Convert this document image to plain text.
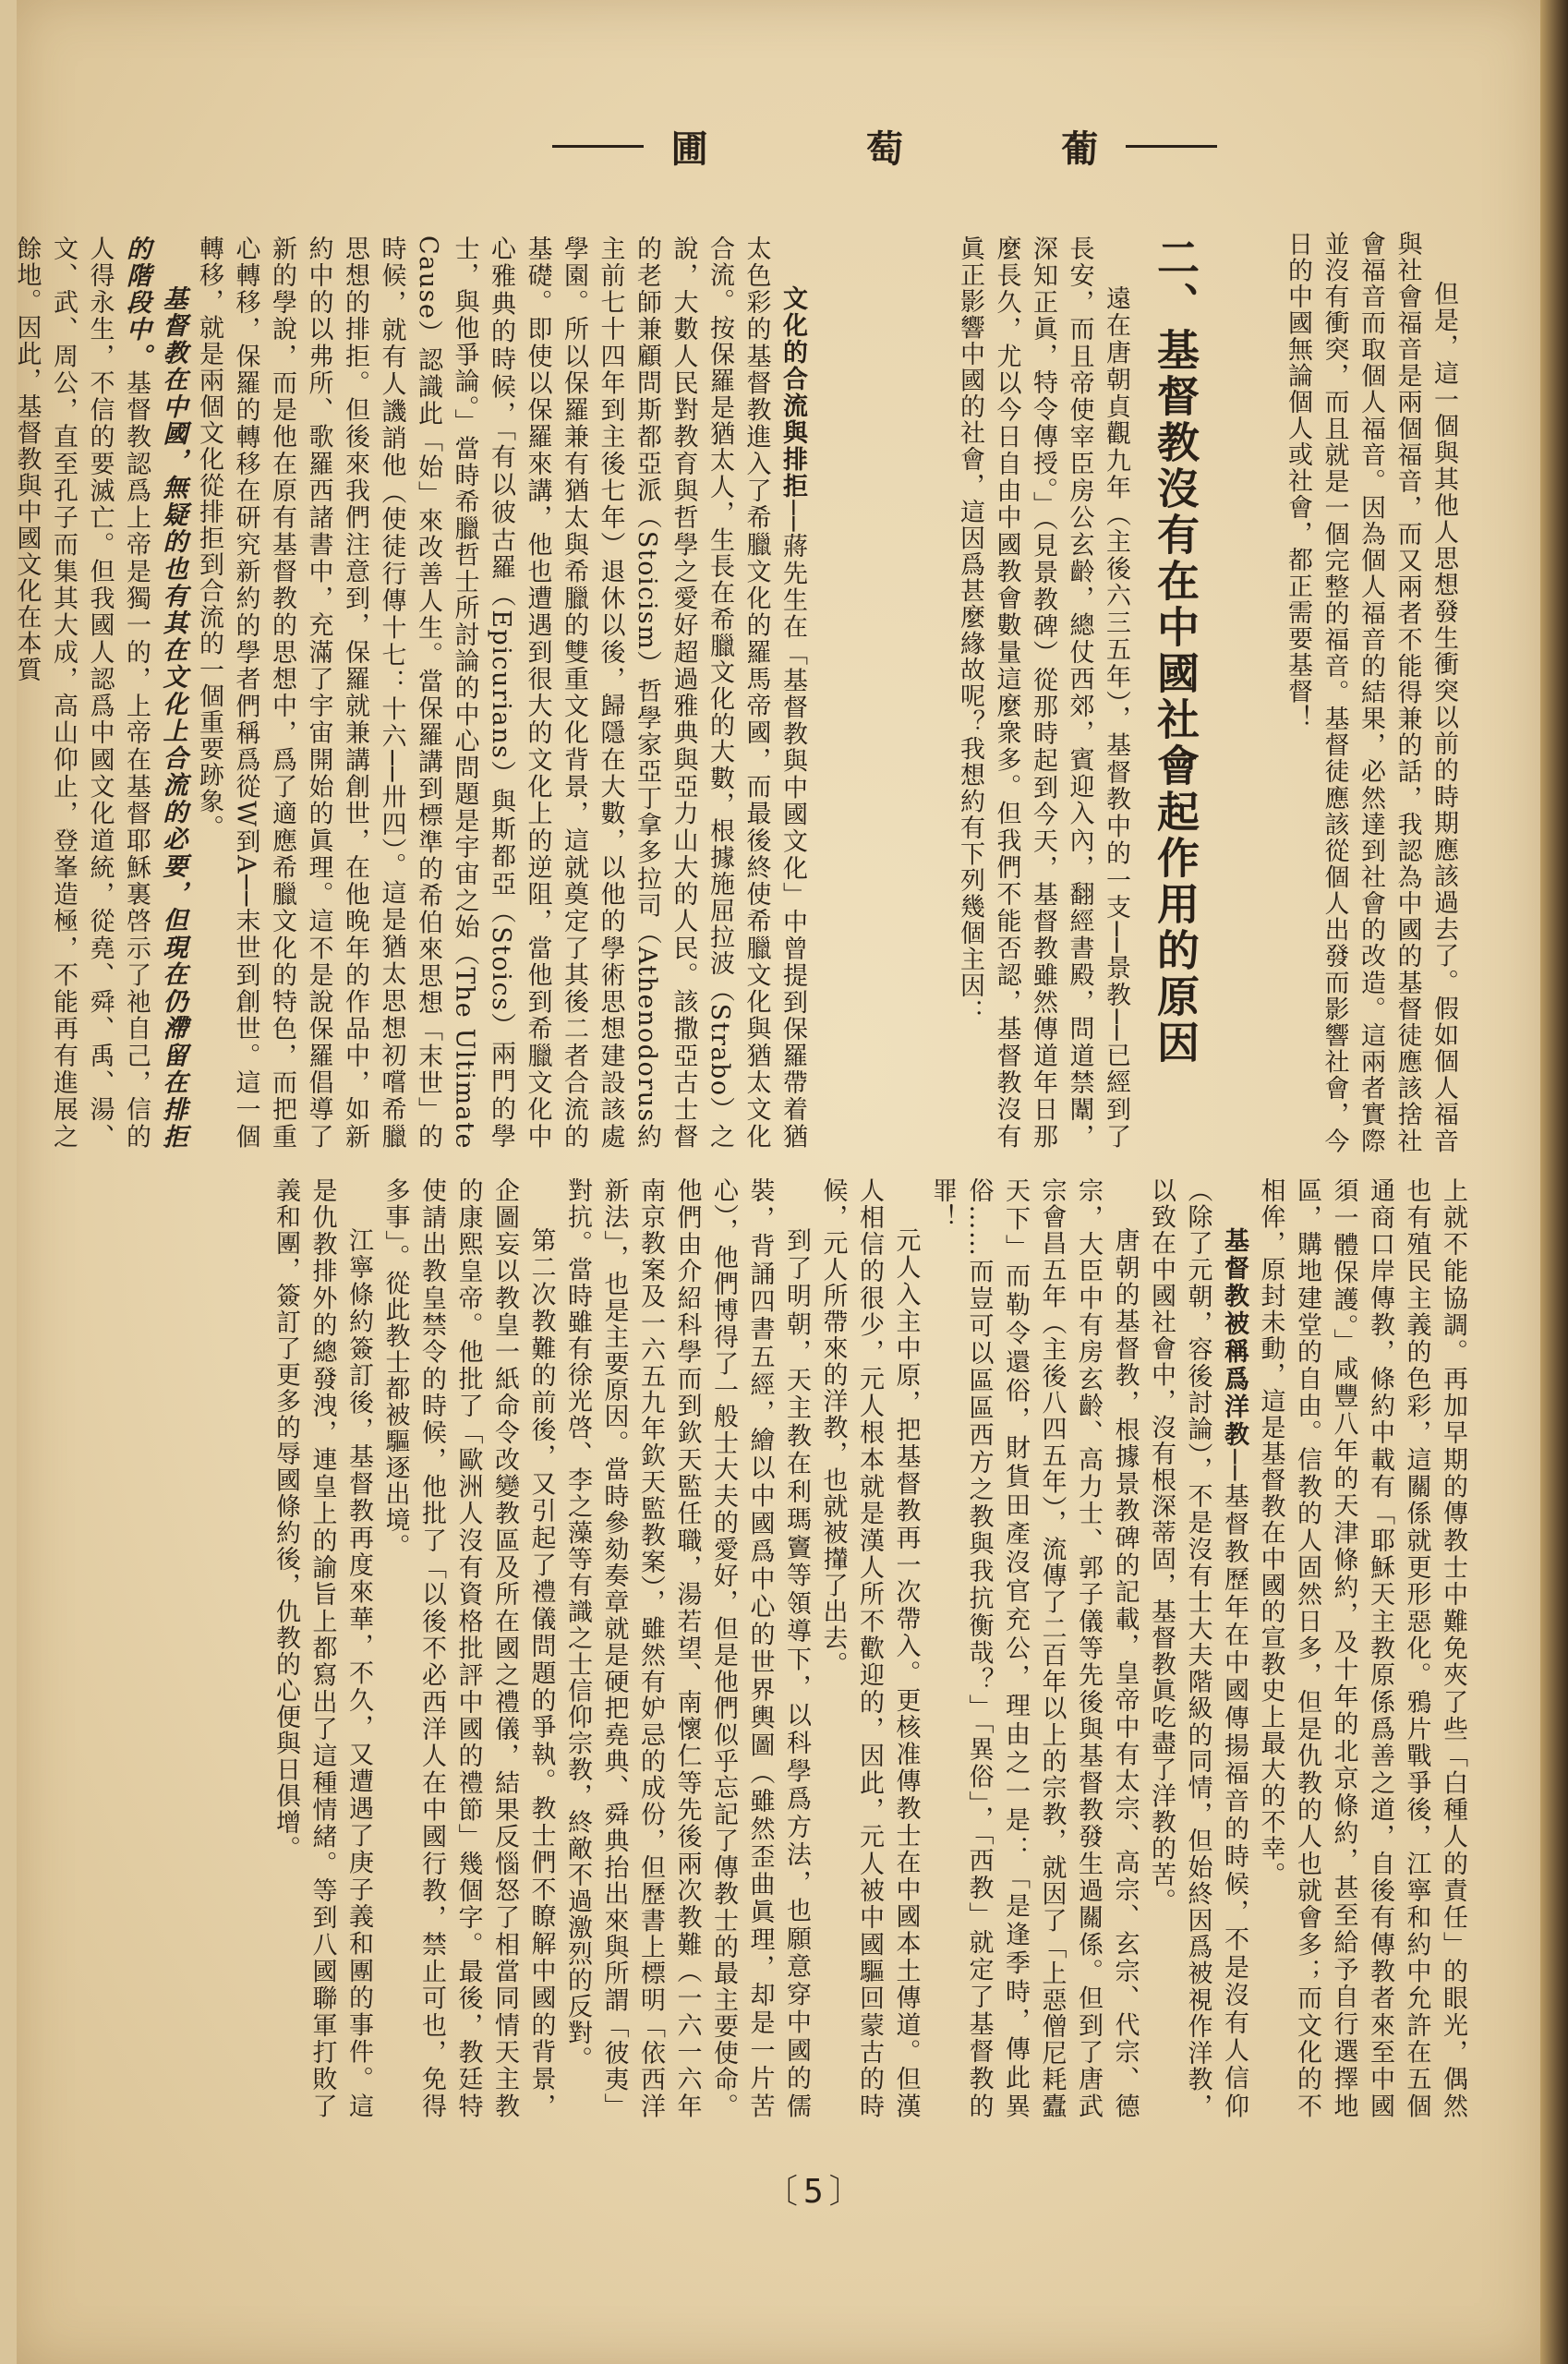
圃	萄	葡

但是，這一個與其他人思想發生衝突以前的時期應該過去了。假如個人福音與社會福音是兩個福音，而又兩者不能得兼的話，我認為中國的基督徒應該捨社會福音而取個人福音。因為個人福音的結果，必然達到社會的改造。這兩者實際並沒有衝突，而且就是一個完整的福音。基督徒應該從個人出發而影響社會，今日的中國無論個人或社會，都正需要基督！

二、基督教沒有在中國社會起作用的原因

遠在唐朝貞觀九年（主後六三五年），基督教中的一支──景教──已經到了長安，而且帝使宰臣房公玄齡，總仗西郊，賓迎入內，翻經書殿，問道禁闈，深知正眞，特令傳授。」（見景教碑）從那時起到今天，基督教雖然傳道年日那麼長久，尤以今日自由中國教會數量這麼衆多。但我們不能否認，基督教沒有眞正影響中國的社會，這因爲甚麼緣故呢？我想約有下列幾個主因：

文化的合流與排拒──蔣先生在「基督教與中國文化」中曾提到保羅帶着猶太色彩的基督教進入了希臘文化的羅馬帝國，而最後終使希臘文化與猶太文化合流。按保羅是猶太人，生長在希臘文化的大數，根據施屈拉波（Strabo）之說，大數人民對教育與哲學之愛好超過雅典與亞力山大的人民。該撒亞古士督的老師兼顧問斯都亞派（Stoicism）哲學家亞丁拿多拉司（Athenodorus約主前七十四年到主後七年）退休以後，歸隱在大數，以他的學術思想建設該處學園。所以保羅兼有猶太與希臘的雙重文化背景，這就奠定了其後二者合流的基礎。即使以保羅來講，他也遭遇到很大的文化上的逆阻，當他到希臘文化中心雅典的時候，「有以彼古羅（Epicurians）與斯都亞（Stoics）兩門的學士，與他爭論。」當時希臘哲士所討論的中心問題是宇宙之始（The Ultimate Cause）認識此「始」來改善人生。當保羅講到標準的希伯來思想「末世」的時候，就有人譏誚他（使徒行傳十七：十六──卅四）。這是猶太思想初嚐希臘思想的排拒。但後來我們注意到，保羅就兼講創世，在他晚年的作品中，如新約中的以弗所、歌羅西諸書中，充滿了宇宙開始的眞理。這不是說保羅倡導了新的學說，而是他在原有基督教的思想中，爲了適應希臘文化的特色，而把重心轉移，保羅的轉移在研究新約的學者們稱爲從W到A──末世到創世。這一個轉移，就是兩個文化從排拒到合流的一個重要跡象。

基督教在中國，無疑的也有其在文化上合流的必要，但現在仍滯留在排拒的階段中。基督教認爲上帝是獨一的，上帝在基督耶穌裏啓示了祂自己，信的人得永生，不信的要滅亡。但我國人認爲中國文化道統，從堯、舜、禹、湯、文、武、周公，直至孔子而集其大成，高山仰止，登峯造極，不能再有進展之餘地。因此，基督教與中國文化在本質

上就不能協調。再加早期的傳教士中難免夾了些「白種人的責任」的眼光，偶然也有殖民主義的色彩，這關係就更形惡化。鴉片戰爭後，江寧和約中允許在五個通商口岸傳教，條約中載有「耶穌天主教原係爲善之道，自後有傳教者來至中國須一體保護。」咸豐八年的天津條約，及十年的北京條約，甚至給予自行選擇地區，購地建堂的自由。信教的人固然日多，但是仇教的人也就會多；而文化的不相侔，原封未動，這是基督教在中國的宣教史上最大的不幸。

基督教被稱爲洋教──基督教歷年在中國傳揚福音的時候，不是沒有人信仰（除了元朝，容後討論），不是沒有士大夫階級的同情，但始終因爲被視作洋教，以致在中國社會中，沒有根深蒂固，基督教眞吃盡了洋教的苦。

唐朝的基督教，根據景教碑的記載，皇帝中有太宗、高宗、玄宗、代宗、德宗，大臣中有房玄齡、高力士、郭子儀等先後與基督教發生過關係。但到了唐武宗會昌五年（主後八四五年），流傳了二百年以上的宗教，就因了「上惡僧尼耗蠹天下」而勒令還俗，財貨田產沒官充公，理由之一是：「是逢季時，傳此異俗……而豈可以區區西方之教與我抗衡哉？」「異俗」，「西教」就定了基督教的罪！

元人入主中原，把基督教再一次帶入。更核准傳教士在中國本土傳道。但漢人相信的很少，元人根本就是漢人所不歡迎的，因此，元人被中國驅回蒙古的時候，元人所帶來的洋教，也就被攆了出去。

到了明朝，天主教在利瑪竇等領導下，以科學爲方法，也願意穿中國的儒裝，背誦四書五經，繪以中國爲中心的世界輿圖（雖然歪曲眞理，却是一片苦心），他們博得了一般士大夫的愛好，但是他們似乎忘記了傳教士的最主要使命。他們由介紹科學而到欽天監任職，湯若望、南懷仁等先後兩次教難（一六一六年南京教案及一六五九年欽天監教案），雖然有妒忌的成份，但歷書上標明「依西洋新法」，也是主要原因。當時參劾奏章就是硬把堯典、舜典抬出來與所謂「彼夷」對抗。當時雖有徐光啓、李之藻等有識之士信仰宗教，終敵不過激烈的反對。

第二次教難的前後，又引起了禮儀問題的爭執。教士們不瞭解中國的背景，企圖妄以教皇一紙命令改變教區及所在國之禮儀，結果反惱怒了相當同情天主教的康熙皇帝。他批了「歐洲人沒有資格批評中國的禮節」幾個字。最後，教廷特使請出教皇禁令的時候，他批了「以後不必西洋人在中國行教，禁止可也，免得多事」。從此教士都被驅逐出境。

江寧條約簽訂後，基督教再度來華，不久，又遭遇了庚子義和團的事件。這是仇教排外的總發洩，連皇上的諭旨上都寫出了這種情緒。等到八國聯軍打敗了義和團，簽訂了更多的辱國條約後，仇教的心便與日俱增。

〔5〕
